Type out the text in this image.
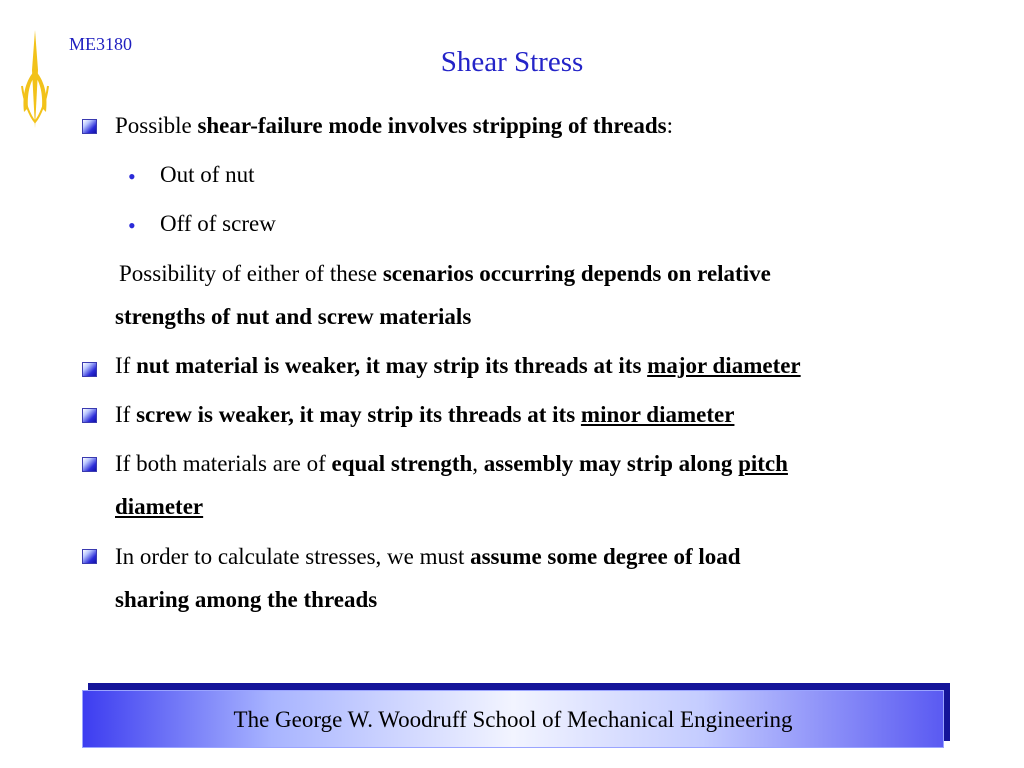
ME3180
Shear Stress
Possible shear-failure mode involves stripping of threads:
• Out of nut
• Off of screw
Possibility of either of these scenarios occurring depends on relative
strengths of nut and screw materials
If nut material is weaker, it may strip its threads at its major diameter
If screw is weaker, it may strip its threads at its minor diameter
If both materials are of equal strength, assembly may strip along pitch
diameter
In order to calculate stresses, we must assume some degree of load
sharing among the threads
The George W. Woodruff School of Mechanical Engineering
